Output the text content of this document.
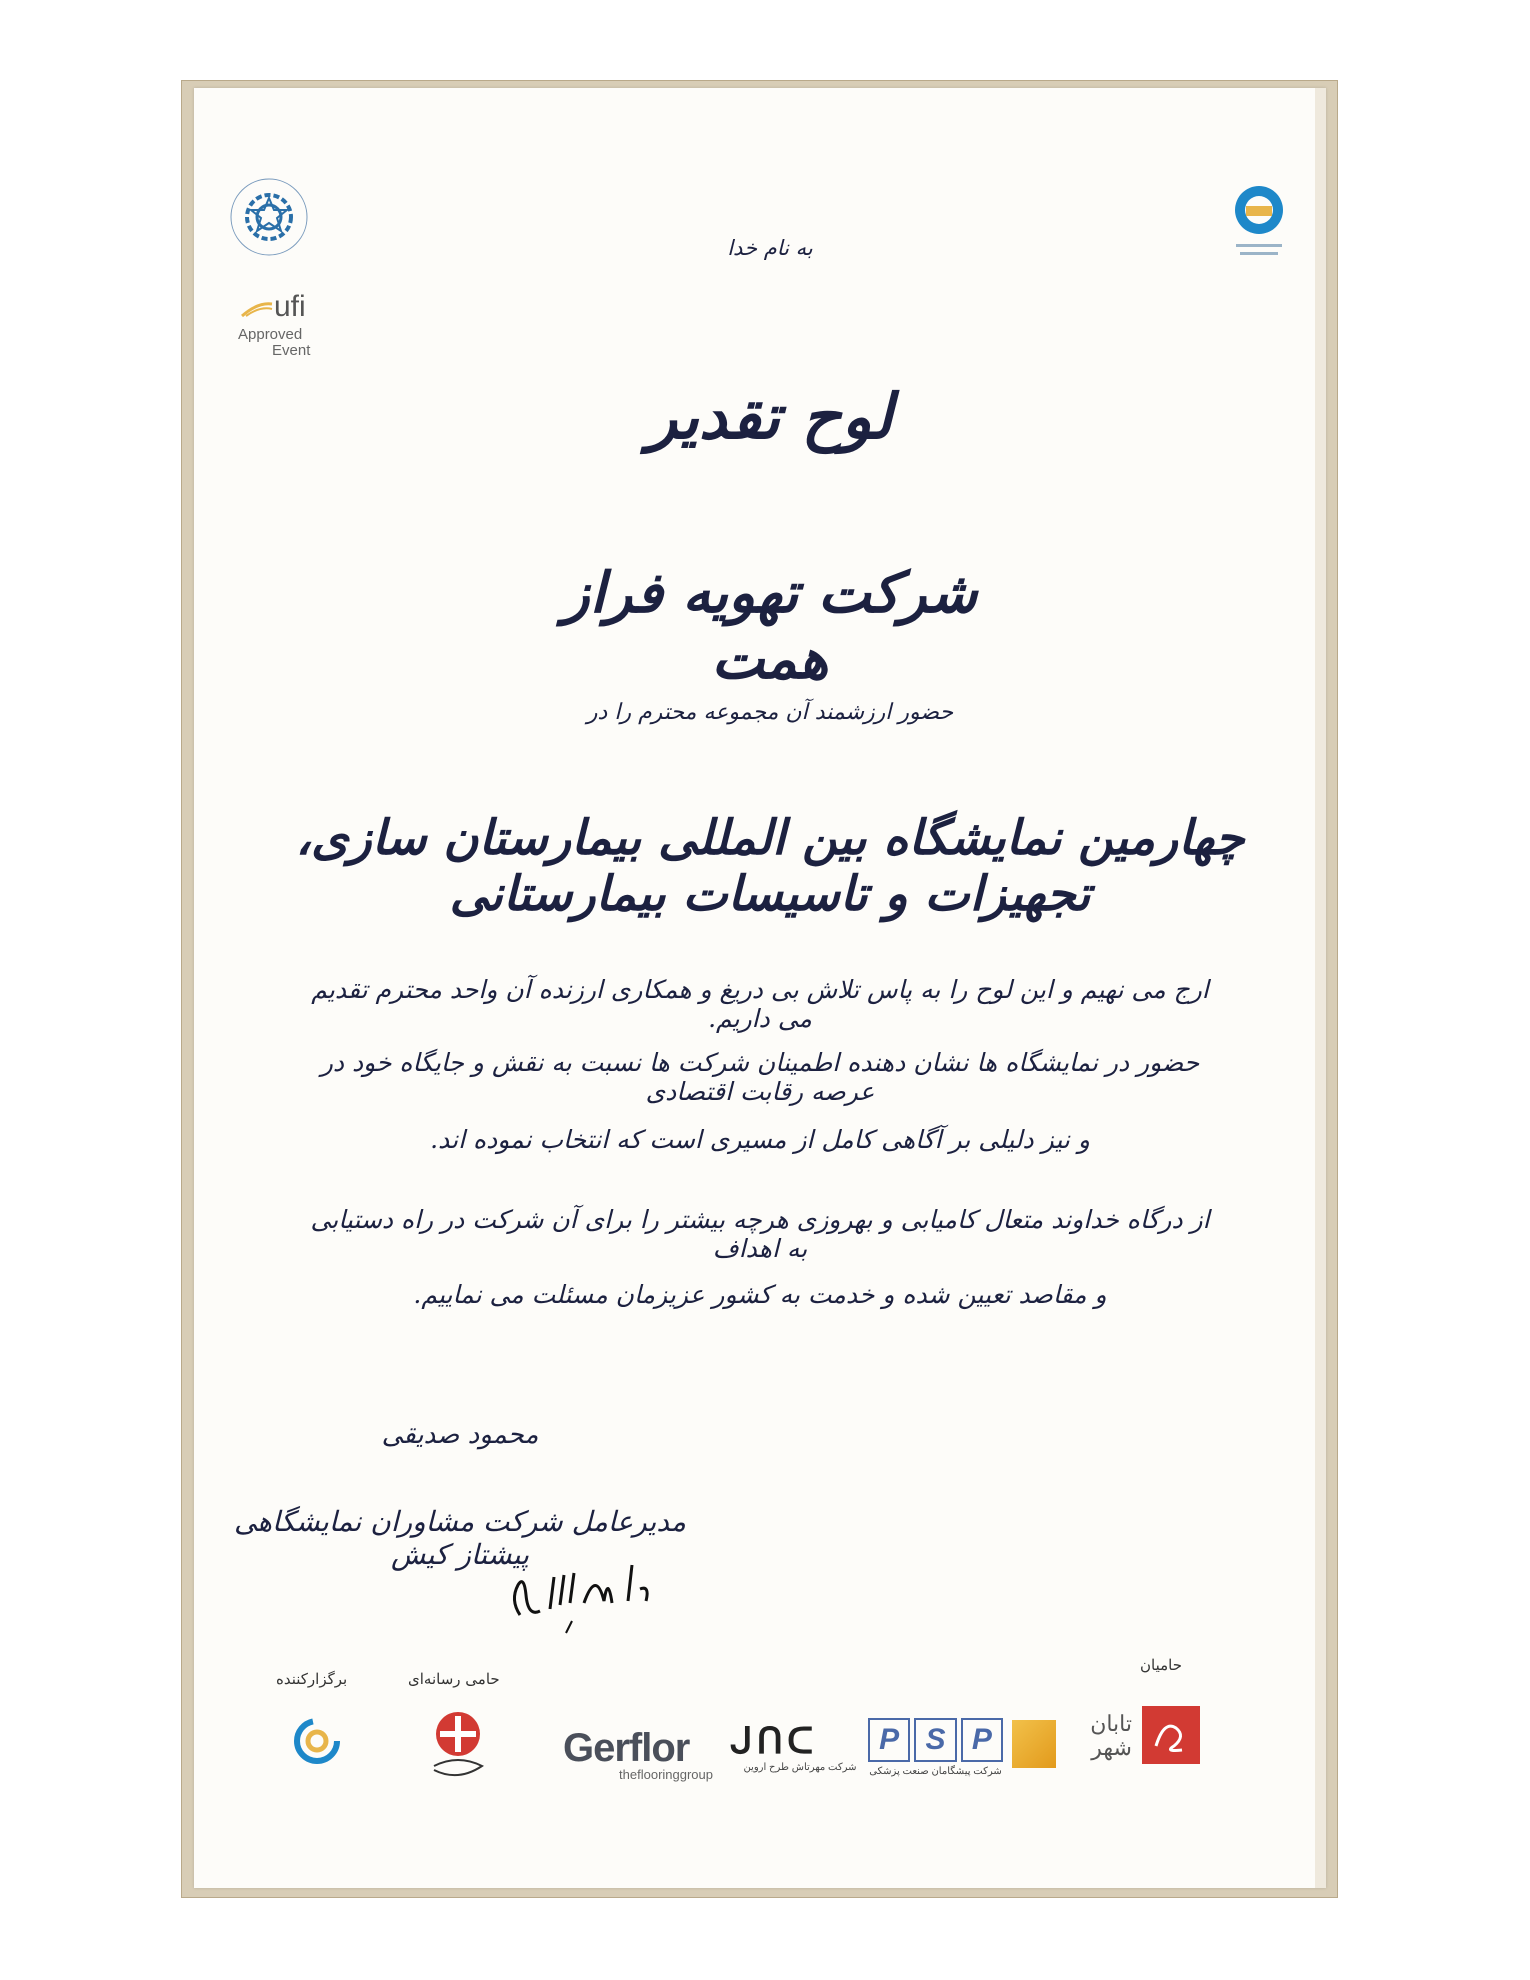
ufi
Approved
Event
به نام خدا
لوح تقدیر
شرکت تهویه فراز همت
حضور ارزشمند آن مجموعه محترم را در
چهارمین نمایشگاه بین المللی بیمارستان سازی، تجهیزات و تاسیسات بیمارستانی
ارج می نهیم و این لوح را به پاس تلاش بی دریغ و همکاری ارزنده آن واحد محترم تقدیم می داریم.
حضور در نمایشگاه ها نشان دهنده اطمینان شرکت ها نسبت به نقش و جایگاه خود در عرصه رقابت اقتصادی
و نیز دلیلی بر آگاهی کامل از مسیری است که انتخاب نموده اند.
از درگاه خداوند متعال کامیابی و بهروزی هرچه بیشتر را برای آن شرکت در راه دستیابی به اهداف
و مقاصد تعیین شده و خدمت به کشور عزیزمان مسئلت می نماییم.
محمود صدیقی
مدیرعامل شرکت مشاوران نمایشگاهی پیشتاز کیش
حامیان
حامی رسانه‌ای
برگزارکننده
Gerflor
theflooringgroup
ᒍᑎᑕ
شرکت مهرتاش طرح اروین
P S P
شرکت پیشگامان صنعت پزشکی
تابان شهر
